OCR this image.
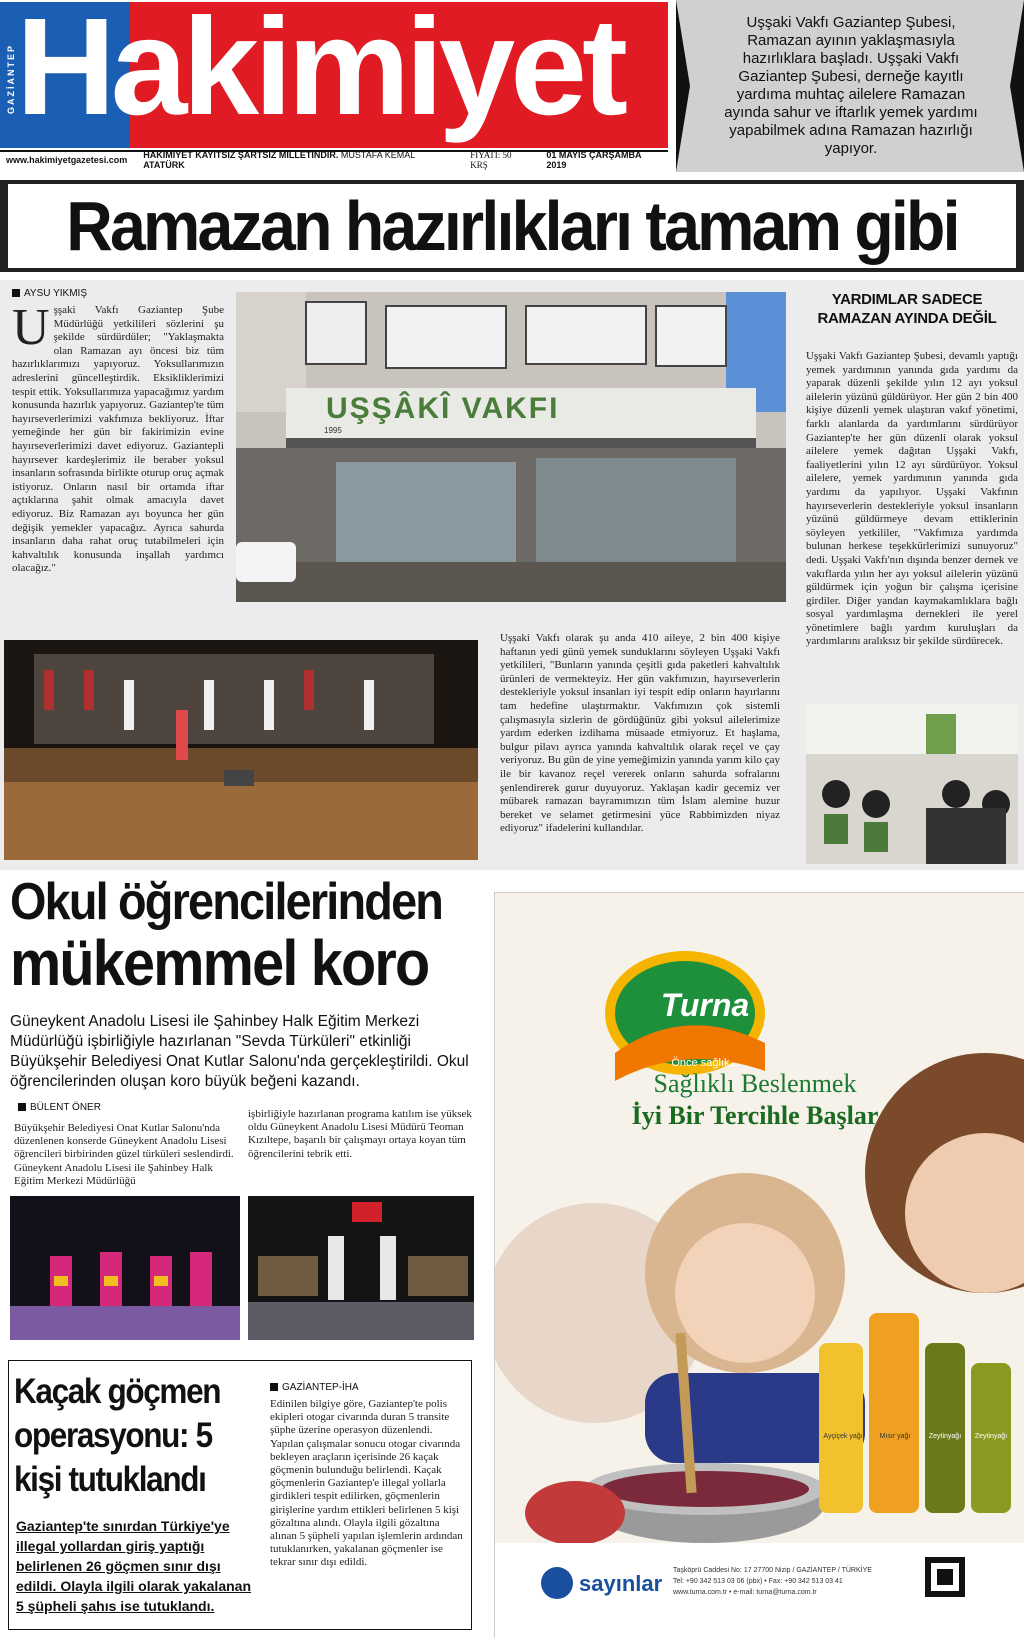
GAZİANTEP Hakimiyet
www.hakimiyetgazetesi.com HAKİMİYET KAYITSIZ ŞARTSIZ MİLLETİNDİR. MUSTAFA KEMAL ATATÜRK
FİYATI: 50 KRŞ
01 MAYIS ÇARŞAMBA 2019
Uşşaki Vakfı Gaziantep Şubesi, Ramazan ayının yaklaşmasıyla hazırlıklara başladı. Uşşaki Vakfı Gaziantep Şubesi, derneğe kayıtlı yardıma muhtaç ailelere Ramazan ayında sahur ve iftarlık yemek yardımı yapabilmek adına Ramazan hazırlığı yapıyor.
Ramazan hazırlıkları tamam gibi
AYSU YIKMIŞ
Uşşaki Vakfı Gaziantep Şube Müdürlüğü yetkilileri sözlerini şu şekilde sürdürdüler; "Yaklaşmakta olan Ramazan ayı öncesi biz tüm hazırlıklarımızı yapıyoruz. Yoksullarımızın adreslerini güncelleştirdik. Eksikliklerimizi tespit ettik. Yoksullarımıza yapacağımız yardım konusunda hazırlık yapıyoruz. Gaziantep'te tüm hayırseverlerimizi vakfımıza bekliyoruz. İftar yemeğinde her gün bir fakirimizin evine hayırseverlerimizi davet ediyoruz. Gaziantepli hayırsever kardeşlerimiz ile beraber yoksul insanların sofrasında birlikte oturup oruç açmak istiyoruz. Onların nasıl bir ortamda iftar açtıklarına şahit olmak amacıyla davet ediyoruz. Biz Ramazan ayı boyunca her gün değişik yemekler yapacağız. Ayrıca sahurda insanların daha rahat oruç tutabilmeleri için kahvaltılık konusunda inşallah yardımcı olacağız."
UŞŞÂKÎ VAKFI
1995
YARDIMLAR SADECE
RAMAZAN AYINDA DEĞİL
Uşşaki Vakfı Gaziantep Şubesi, devamlı yaptığı yemek yardımının yanında gıda yardımı da yaparak düzenli şekilde yılın 12 ayı yoksul ailelerin yüzünü güldürüyor. Her gün 2 bin 400 kişiye düzenli yemek ulaştıran vakıf yönetimi, farklı alanlarda da yardımlarını sürdürüyor Gaziantep'te her gün düzenli olarak yoksul ailelere yemek dağıtan Uşşaki Vakfı, faaliyetlerini yılın 12 ayı sürdürüyor. Yoksul ailelere, yemek yardımının yanında gıda yardımı da yapılıyor. Uşşaki Vakfının hayırseverlerin destekleriyle yoksul insanların yüzünü güldürmeye devam ettiklerinin söyleyen yetkililer, "Vakfımıza yardımda bulunan herkese teşekkürlerimizi sunuyoruz" dedi. Uşşaki Vakfı'nın dışında benzer dernek ve vakıflarda yılın her ayı yoksul ailelerin yüzünü güldürmek için yoğun bir çalışma içerisine girdiler. Diğer yandan kaymakamlıklara bağlı sosyal yardımlaşma dernekleri ile yerel yönetimlere bağlı yardım kuruluşları da yardımlarını aralıksız bir şekilde sürdürecek.
Uşşaki Vakfı olarak şu anda 410 aileye, 2 bin 400 kişiye haftanın yedi günü yemek sunduklarını söyleyen Uşşaki Vakfı yetkilileri, "Bunların yanında çeşitli gıda paketleri kahvaltılık ürünleri de vermekteyiz. Her gün vakfımızın, hayırseverlerin destekleriyle yoksul insanları iyi tespit edip onların hayırlarını tam hedefine ulaştırmaktır. Vakfımızın çok sistemli çalışmasıyla sizlerin de gördüğünüz gibi yoksul ailelerimize yardım ederken izdihama müsaade etmiyoruz. Et haşlama, bulgur pilavı ayrıca yanında kahvaltılık olarak reçel ve çay veriyoruz. Bu gün de yine yemeğimizin yanında yarım kilo çay ile bir kavanoz reçel vererek onların sahurda sofralarını şenlendirerek gurur duyuyoruz. Yaklaşan kadir gecemiz ver mübarek ramazan bayramımızın tüm İslam alemine huzur bereket ve selamet getirmesini yüce Rabbimizden niyaz ediyoruz" ifadelerini kullandılar.
Okul öğrencilerinden
mükemmel koro
Güneykent Anadolu Lisesi ile Şahinbey Halk Eğitim Merkezi Müdürlüğü işbirliğiyle hazırlanan "Sevda Türküleri" etkinliği Büyükşehir Belediyesi Onat Kutlar Salonu'nda gerçekleştirildi. Okul öğrencilerinden oluşan koro büyük beğeni kazandı.
BÜLENT ÖNER
Büyükşehir Belediyesi Onat Kutlar Salonu'nda düzenlenen konserde Güneykent Anadolu Lisesi öğrencileri birbirinden güzel türküleri seslendirdi. Güneykent Anadolu Lisesi ile Şahinbey Halk Eğitim Merkezi Müdürlüğü
işbirliğiyle hazırlanan programa katılım ise yüksek oldu Güneykent Anadolu Lisesi Müdürü Teoman Kızıltepe, başarılı bir çalışmayı ortaya koyan tüm öğrencilerini tebrik etti.
Kaçak göçmen operasyonu: 5 kişi tutuklandı
Gaziantep'te sınırdan Türkiye'ye illegal yollardan giriş yaptığı belirlenen 26 göçmen sınır dışı edildi. Olayla ilgili olarak yakalanan 5 şüpheli şahıs ise tutuklandı.
GAZİANTEP-İHA
Edinilen bilgiye göre, Gaziantep'te polis ekipleri otogar civarında duran 5 transite şüphe üzerine operasyon düzenlendi. Yapılan çalışmalar sonucu otogar civarında bekleyen araçların içerisinde 26 kaçak göçmenin bulunduğu belirlendi. Kaçak göçmenlerin Gaziantep'e illegal yollarla girdikleri tespit edilirken, göçmenlerin girişlerine yardım ettikleri belirlenen 5 kişi gözaltına alındı. Olayla ilgili gözaltına alınan 5 şüpheli yapılan işlemlerin ardından tutuklanırken, yakalanan göçmenler ise tekrar sınır dışı edildi.
Turna
Önce sağlık...
Sağlıklı Beslenmek
İyi Bir Tercihle Başlar
Ayçiçek yağı	Mısır yağı	Zeytinyağı	Zeytinyağı
sayınlar
Taşköprü Caddesi No: 17 27700 Nizip / GAZİANTEP / TÜRKİYE
Tel: +90 342 513 03 06 (pbx) • Fax: +90 342 513 03 41
www.turna.com.tr • e-mail: turna@turna.com.tr
